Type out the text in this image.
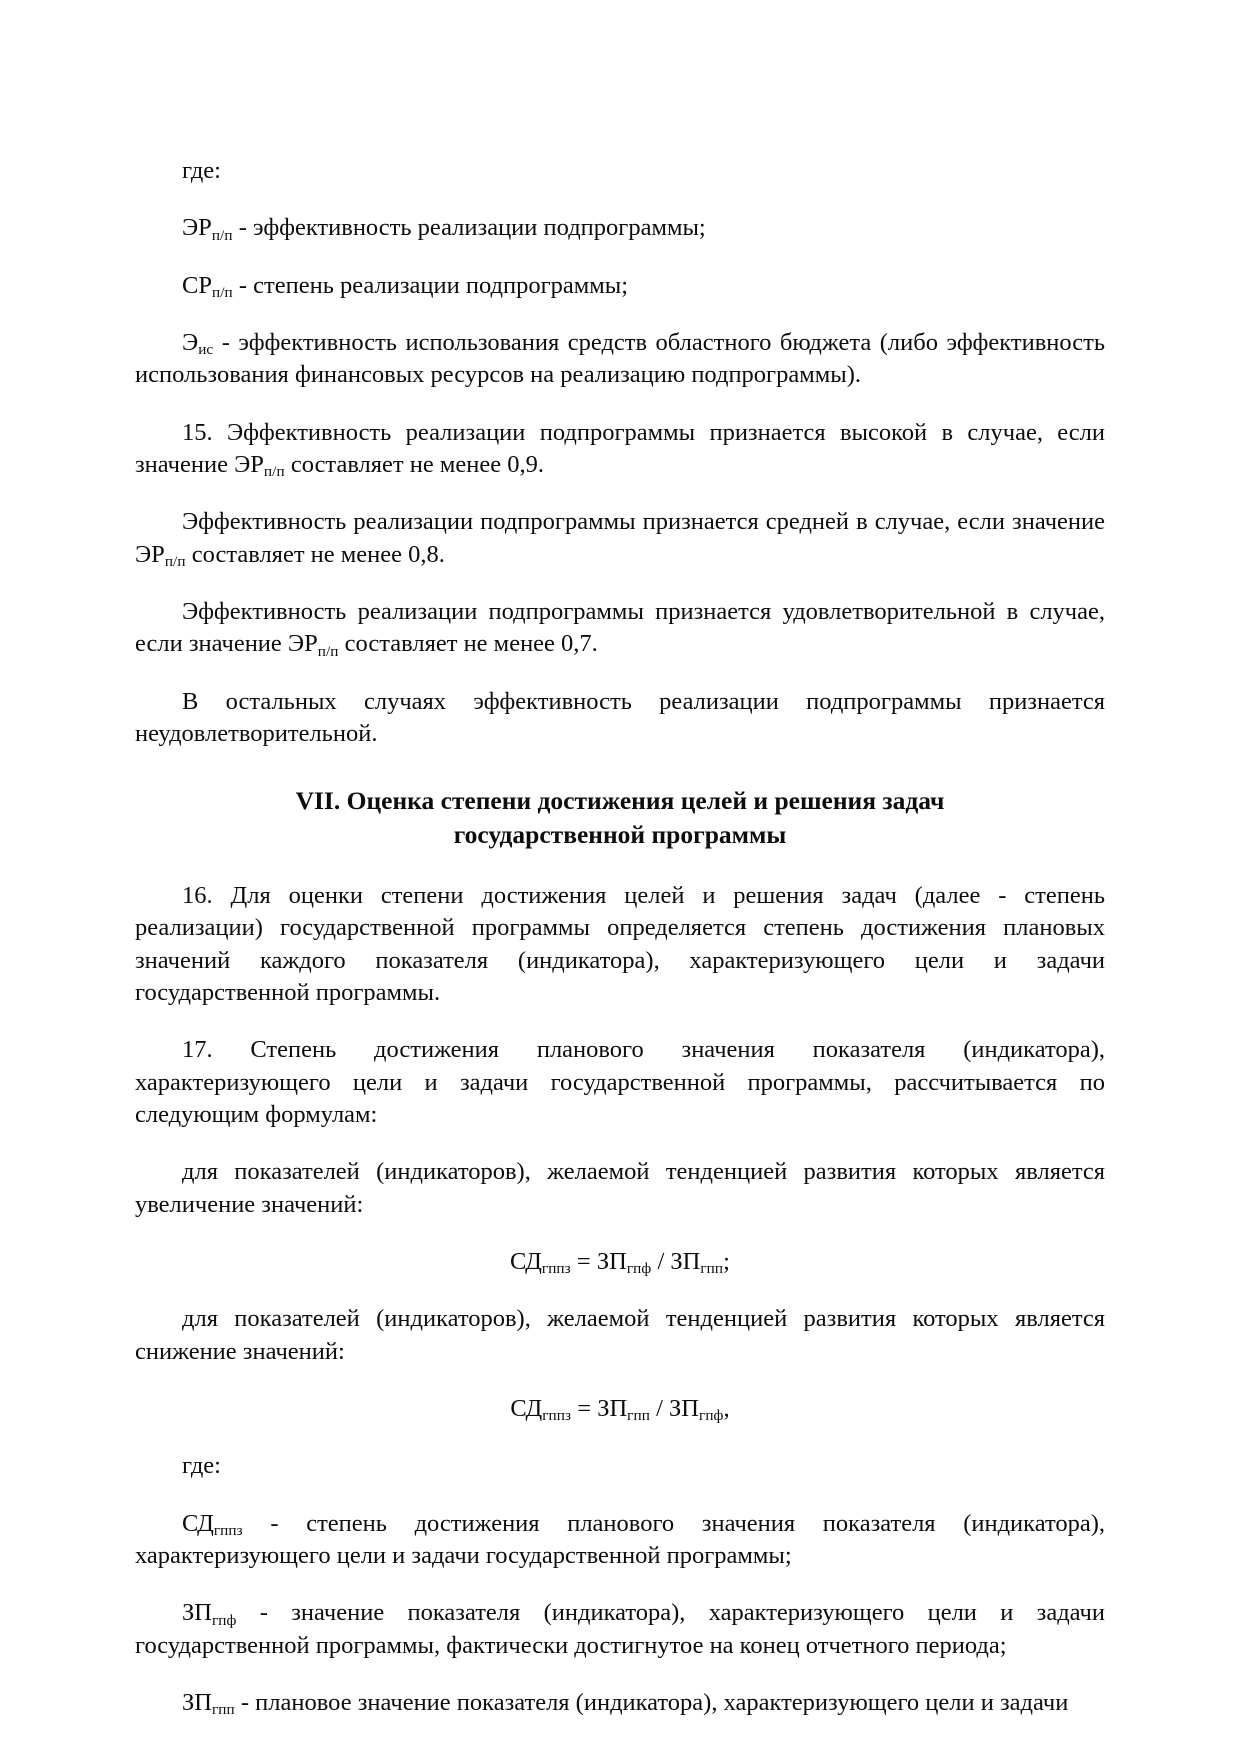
где:

$ЭР_{п/п}$ - эффективность реализации подпрограммы;

$СР_{п/п}$ - степень реализации подпрограммы;

$Э_{ис}$ - эффективность использования средств областного бюджета (либо эффективность использования финансовых ресурсов на реализацию подпрограммы).

15. Эффективность реализации подпрограммы признается высокой в случае, если значение $ЭР_{п/п}$ составляет не менее 0,9.

Эффективность реализации подпрограммы признается средней в случае, если значение $ЭР_{п/п}$ составляет не менее 0,8.

Эффективность реализации подпрограммы признается удовлетворительной в случае, если значение $ЭР_{п/п}$ составляет не менее 0,7.

В остальных случаях эффективность реализации подпрограммы признается неудовлетворительной.

VII. Оценка степени достижения целей и решения задач
государственной программы

16. Для оценки степени достижения целей и решения задач (далее - степень реализации) государственной программы определяется степень достижения плановых значений каждого показателя (индикатора), характеризующего цели и задачи государственной программы.

17. Степень достижения планового значения показателя (индикатора), характеризующего цели и задачи государственной программы, рассчитывается по следующим формулам:

для показателей (индикаторов), желаемой тенденцией развития которых является увеличение значений:

$СД_{гппз} = ЗП_{гпф} / ЗП_{гпп}$;

для показателей (индикаторов), желаемой тенденцией развития которых является снижение значений:

$СД_{гппз} = ЗП_{гпп} / ЗП_{гпф}$,

где:

$СД_{гппз}$ - степень достижения планового значения показателя (индикатора), характеризующего цели и задачи государственной программы;

$ЗП_{гпф}$ - значение показателя (индикатора), характеризующего цели и задачи государственной программы, фактически достигнутое на конец отчетного периода;

$ЗП_{гпп}$ - плановое значение показателя (индикатора), характеризующего цели и задачи
